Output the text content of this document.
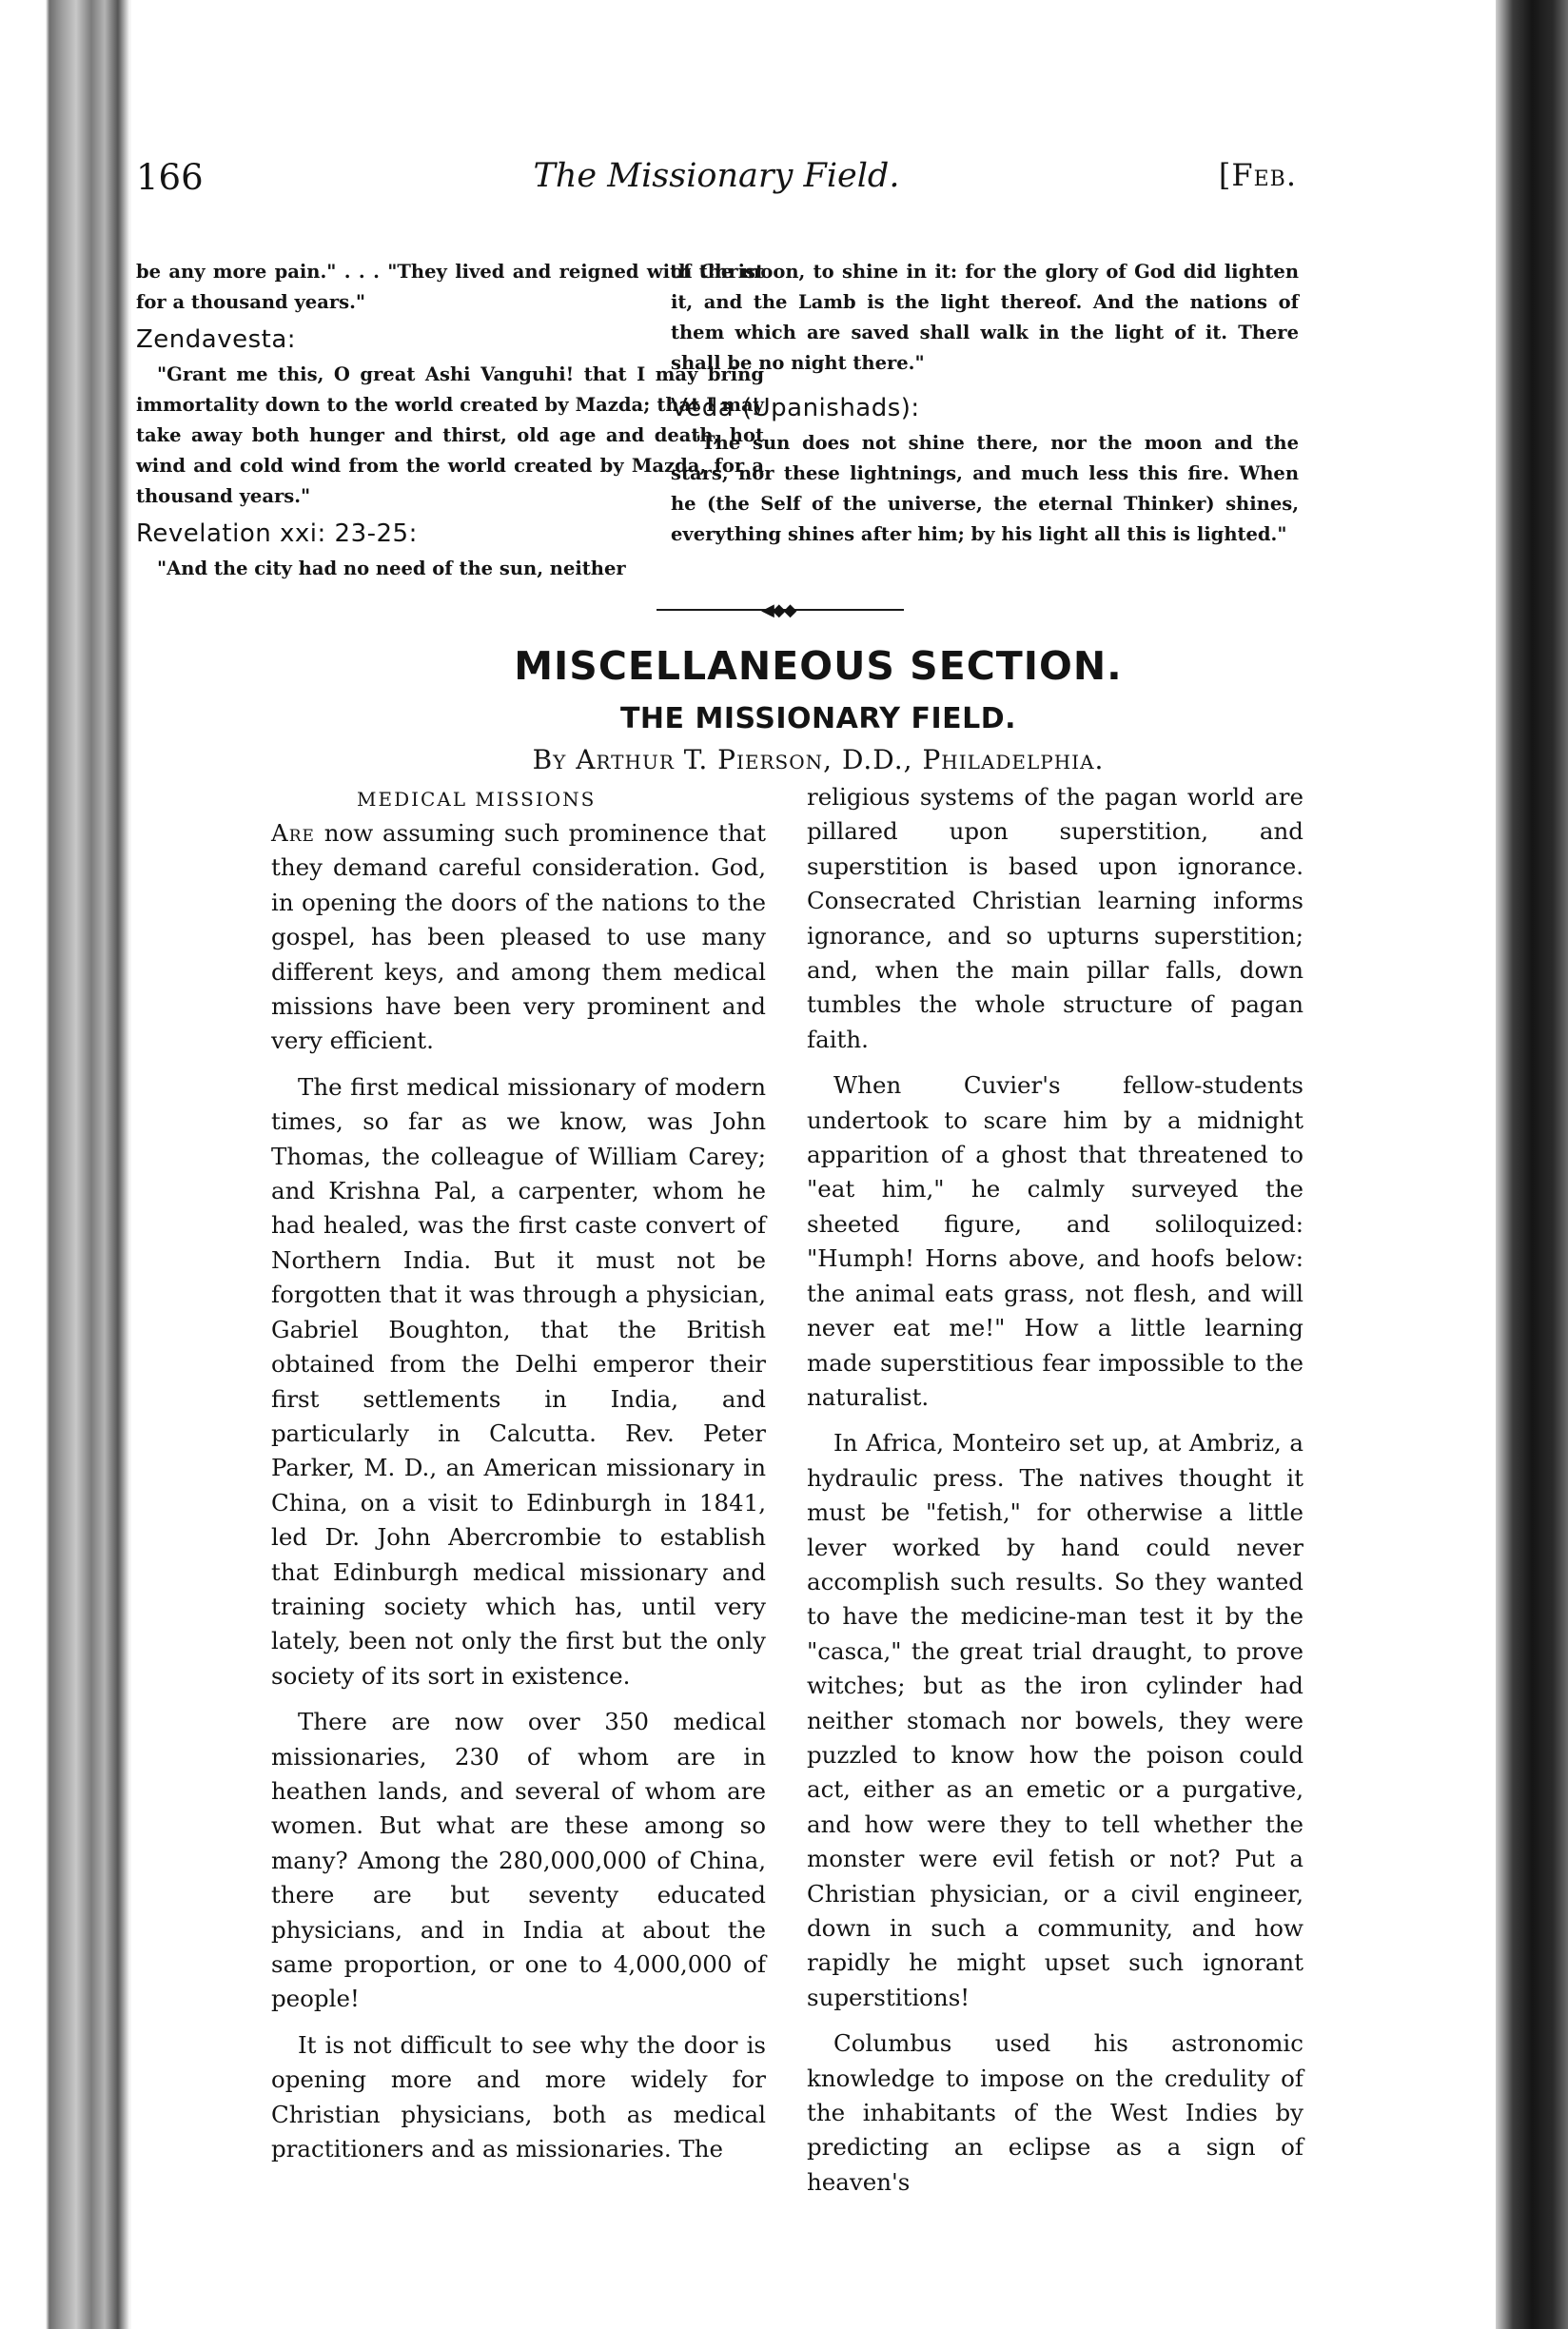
166	The Missionary Field.	[Feb.

be any more pain." . . . "They lived and reigned with Christ for a thousand years."

Zendavesta:

"Grant me this, O great Ashi Vanguhi! that I may bring immortality down to the world created by Mazda; that I may take away both hunger and thirst, old age and death, hot wind and cold wind from the world created by Mazda, for a thousand years."

Revelation xxi: 23-25:

"And the city had no need of the sun, neither

of the moon, to shine in it: for the glory of God did lighten it, and the Lamb is the light thereof. And the nations of them which are saved shall walk in the light of it. There shall be no night there."

Veda (Upanishads):

"The sun does not shine there, nor the moon and the stars, nor these lightnings, and much less this fire. When he (the Self of the universe, the eternal Thinker) shines, everything shines after him; by his light all this is lighted."

◀◆◆
MISCELLANEOUS SECTION.
THE MISSIONARY FIELD.
By Arthur T. Pierson, D.D., Philadelphia.
MEDICAL MISSIONS

Are now assuming such prominence that they demand careful consideration. God, in opening the doors of the nations to the gospel, has been pleased to use many different keys, and among them medical missions have been very prominent and very efficient.

The first medical missionary of modern times, so far as we know, was John Thomas, the colleague of William Carey; and Krishna Pal, a carpenter, whom he had healed, was the first caste convert of Northern India. But it must not be forgotten that it was through a physician, Gabriel Boughton, that the British obtained from the Delhi emperor their first settlements in India, and particularly in Calcutta. Rev. Peter Parker, M. D., an American missionary in China, on a visit to Edinburgh in 1841, led Dr. John Abercrombie to establish that Edinburgh medical missionary and training society which has, until very lately, been not only the first but the only society of its sort in existence.

There are now over 350 medical missionaries, 230 of whom are in heathen lands, and several of whom are women. But what are these among so many? Among the 280,000,000 of China, there are but seventy educated physicians, and in India at about the same proportion, or one to 4,000,000 of people!

It is not difficult to see why the door is opening more and more widely for Christian physicians, both as medical practitioners and as missionaries. The

religious systems of the pagan world are pillared upon superstition, and superstition is based upon ignorance. Consecrated Christian learning informs ignorance, and so upturns superstition; and, when the main pillar falls, down tumbles the whole structure of pagan faith.

When Cuvier's fellow-students undertook to scare him by a midnight apparition of a ghost that threatened to "eat him," he calmly surveyed the sheeted figure, and soliloquized: "Humph! Horns above, and hoofs below: the animal eats grass, not flesh, and will never eat me!" How a little learning made superstitious fear impossible to the naturalist.

In Africa, Monteiro set up, at Ambriz, a hydraulic press. The natives thought it must be "fetish," for otherwise a little lever worked by hand could never accomplish such results. So they wanted to have the medicine-man test it by the "casca," the great trial draught, to prove witches; but as the iron cylinder had neither stomach nor bowels, they were puzzled to know how the poison could act, either as an emetic or a purgative, and how were they to tell whether the monster were evil fetish or not? Put a Christian physician, or a civil engineer, down in such a community, and how rapidly he might upset such ignorant superstitions!

Columbus used his astronomic knowledge to impose on the credulity of the inhabitants of the West Indies by predicting an eclipse as a sign of heaven's
